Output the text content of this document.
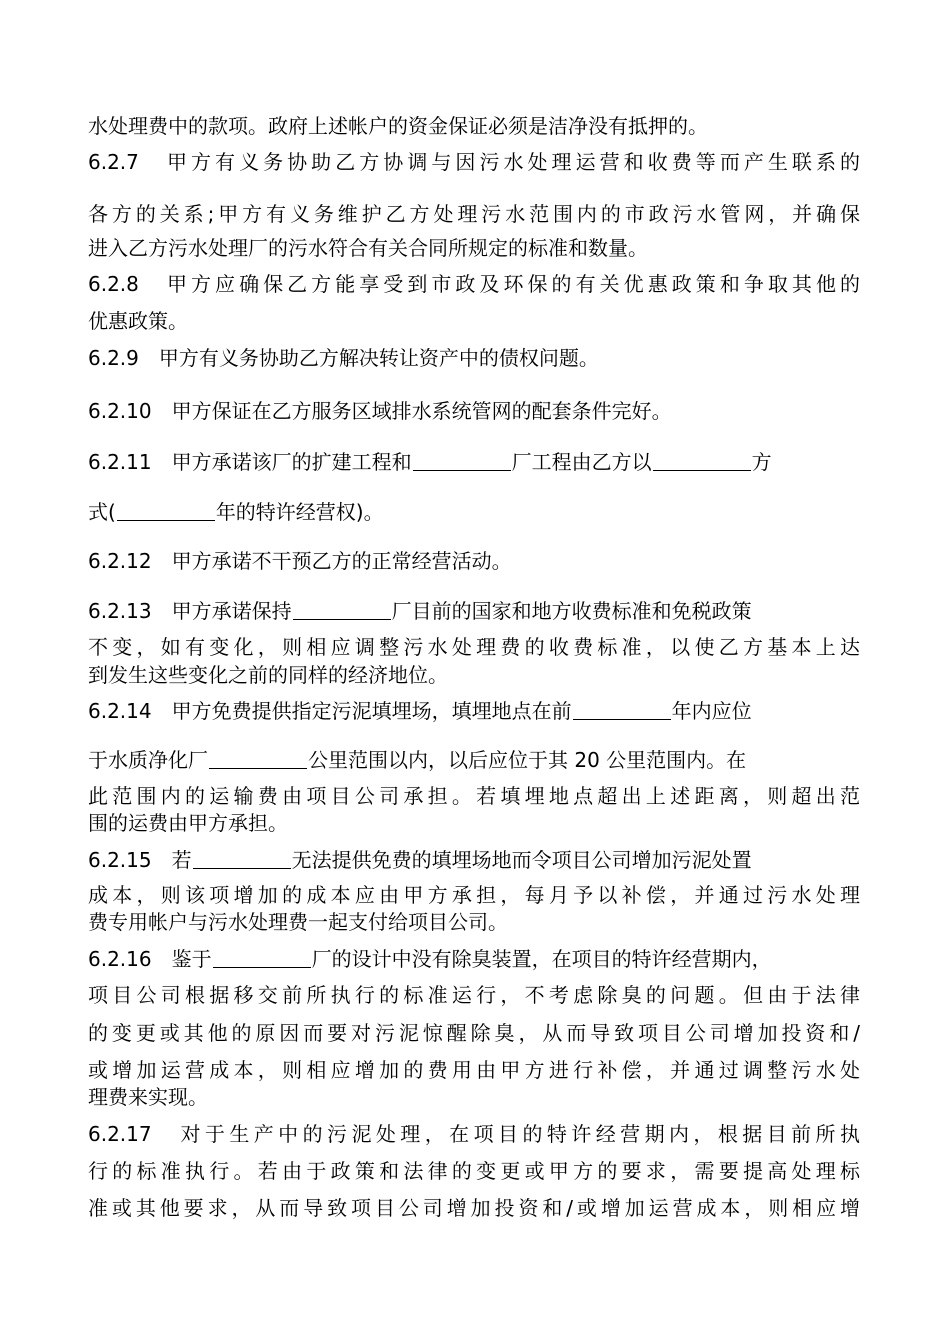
水处理费中的款项。政府上述帐户的资金保证必须是洁净没有抵押的。
6.2.7　甲方有义务协助乙方协调与因污水处理运营和收费等而产生联系的
各方的关系;甲方有义务维护乙方处理污水范围内的市政污水管网，并确保
进入乙方污水处理厂的污水符合有关合同所规定的标准和数量。
6.2.8　甲方应确保乙方能享受到市政及环保的有关优惠政策和争取其他的
优惠政策。
6.2.9　甲方有义务协助乙方解决转让资产中的债权问题。
6.2.10　甲方保证在乙方服务区域排水系统管网的配套条件完好。
6.2.11　甲方承诺该厂的扩建工程和	厂工程由乙方以	方
式(	年的特许经营权)。
6.2.12　甲方承诺不干预乙方的正常经营活动。
6.2.13　甲方承诺保持	厂目前的国家和地方收费标准和免税政策
不变，如有变化，则相应调整污水处理费的收费标准，以使乙方基本上达
到发生这些变化之前的同样的经济地位。
6.2.14　甲方免费提供指定污泥填埋场，填埋地点在前	年内应位
于水质净化厂	公里范围以内，以后应位于其 20 公里范围内。在
此范围内的运输费由项目公司承担。若填埋地点超出上述距离，则超出范
围的运费由甲方承担。
6.2.15　若	无法提供免费的填埋场地而令项目公司增加污泥处置
成本，则该项增加的成本应由甲方承担，每月予以补偿，并通过污水处理
费专用帐户与污水处理费一起支付给项目公司。
6.2.16　鉴于	厂的设计中没有除臭装置，在项目的特许经营期内，
项目公司根据移交前所执行的标准运行，不考虑除臭的问题。但由于法律
的变更或其他的原因而要对污泥惊醒除臭，从而导致项目公司增加投资和/
或增加运营成本，则相应增加的费用由甲方进行补偿，并通过调整污水处
理费来实现。
6.2.17　对于生产中的污泥处理，在项目的特许经营期内，根据目前所执
行的标准执行。若由于政策和法律的变更或甲方的要求，需要提高处理标
准或其他要求，从而导致项目公司增加投资和/或增加运营成本，则相应增
